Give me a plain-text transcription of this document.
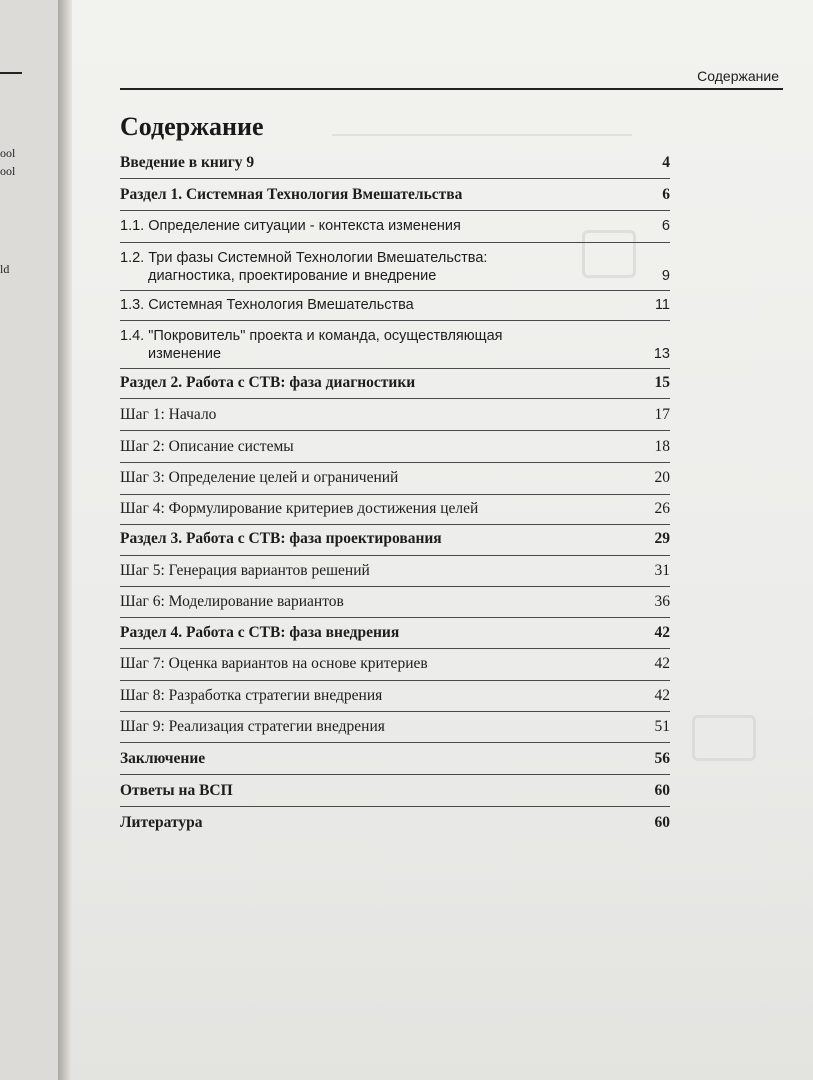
ool
ool
ld
Содержание
Содержание
Введение в книгу 9	4
Раздел 1. Системная Технология Вмешательства	6
1.1. Определение ситуации - контекста изменения	6
1.2. Три фазы Системной Технологии Вмешательства:
диагностика, проектирование и внедрение	9
1.3. Системная Технология Вмешательства	11
1.4. "Покровитель" проекта и команда, осуществляющая
изменение	13
Раздел 2. Работа с СТВ: фаза диагностики	15
Шаг 1: Начало	17
Шаг 2: Описание системы	18
Шаг 3: Определение целей и ограничений	20
Шаг 4: Формулирование критериев достижения целей	26
Раздел 3. Работа с СТВ: фаза проектирования	29
Шаг 5: Генерация вариантов решений	31
Шаг 6: Моделирование вариантов	36
Раздел 4. Работа с СТВ: фаза внедрения	42
Шаг 7: Оценка вариантов на основе критериев	42
Шаг 8: Разработка стратегии внедрения	42
Шаг 9: Реализация стратегии внедрения	51
Заключение	56
Ответы на ВСП	60
Литература	60
